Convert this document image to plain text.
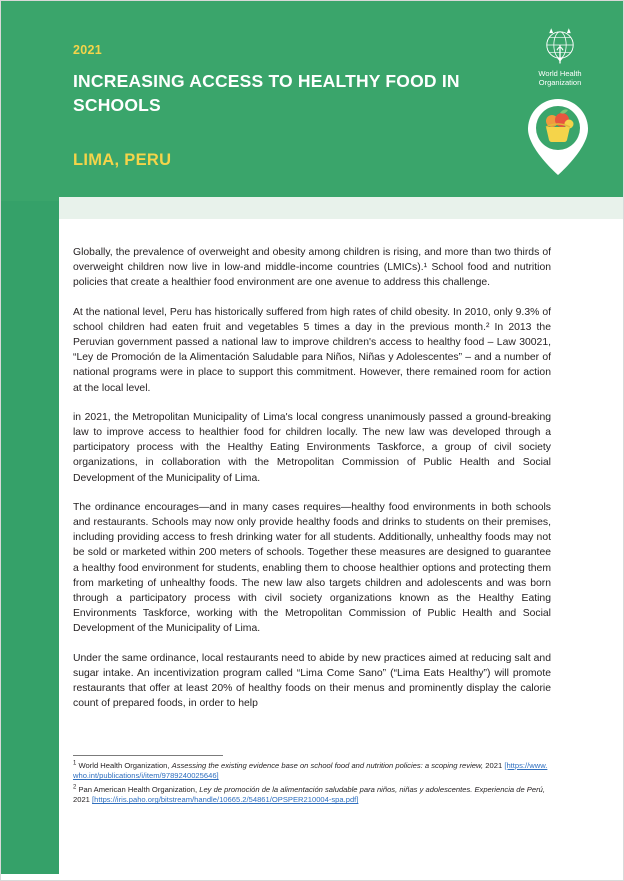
2021
INCREASING ACCESS TO HEALTHY FOOD IN SCHOOLS
LIMA, PERU
World Health
Organization

Globally, the prevalence of overweight and obesity among children is rising, and more than two thirds of overweight children now live in low-and middle-income countries (LMICs).¹ School food and nutrition policies that create a healthier food environment are one avenue to address this challenge.

At the national level, Peru has historically suffered from high rates of child obesity. In 2010, only 9.3% of school children had eaten fruit and vegetables 5 times a day in the previous month.² In 2013 the Peruvian government passed a national law to improve children's access to healthy food – Law 30021, “Ley de Promoción de la Alimentación Saludable para Niños, Niñas y Adolescentes” – and a number of national programs were in place to support this commitment. However, there remained room for action at the local level.

in 2021, the Metropolitan Municipality of Lima's local congress unanimously passed a ground-breaking law to improve access to healthier food for children locally. The new law was developed through a participatory process with the Healthy Eating Environments Taskforce, a group of civil society organizations, in collaboration with the Metropolitan Commission of Public Health and Social Development of the Municipality of Lima.

The ordinance encourages—and in many cases requires—healthy food environments in both schools and restaurants. Schools may now only provide healthy foods and drinks to students on their premises, including providing access to fresh drinking water for all students. Additionally, unhealthy foods may not be sold or marketed within 200 meters of schools. Together these measures are designed to guarantee a healthy food environment for students, enabling them to choose healthier options and protecting them from marketing of unhealthy foods. The new law also targets children and adolescents and was born through a participatory process with civil society organizations known as the Healthy Eating Environments Taskforce, working with the Metropolitan Commission of Public Health and Social Development of the Municipality of Lima.

Under the same ordinance, local restaurants need to abide by new practices aimed at reducing salt and sugar intake. An incentivization program called “Lima Come Sano” (“Lima Eats Healthy”) will promote restaurants that offer at least 20% of healthy foods on their menus and prominently display the calorie count of prepared foods, in order to help

$^1$ World Health Organization, Assessing the existing evidence base on school food and nutrition policies: a scoping review, 2021 [https://www.who.int/publications/i/item/9789240025646]

$^2$ Pan American Health Organization, Ley de promoción de la alimentación saludable para niños, niñas y adolescentes. Experiencia de Perú, 2021 [https://iris.paho.org/bitstream/handle/10665.2/54861/OPSPER210004-spa.pdf]
